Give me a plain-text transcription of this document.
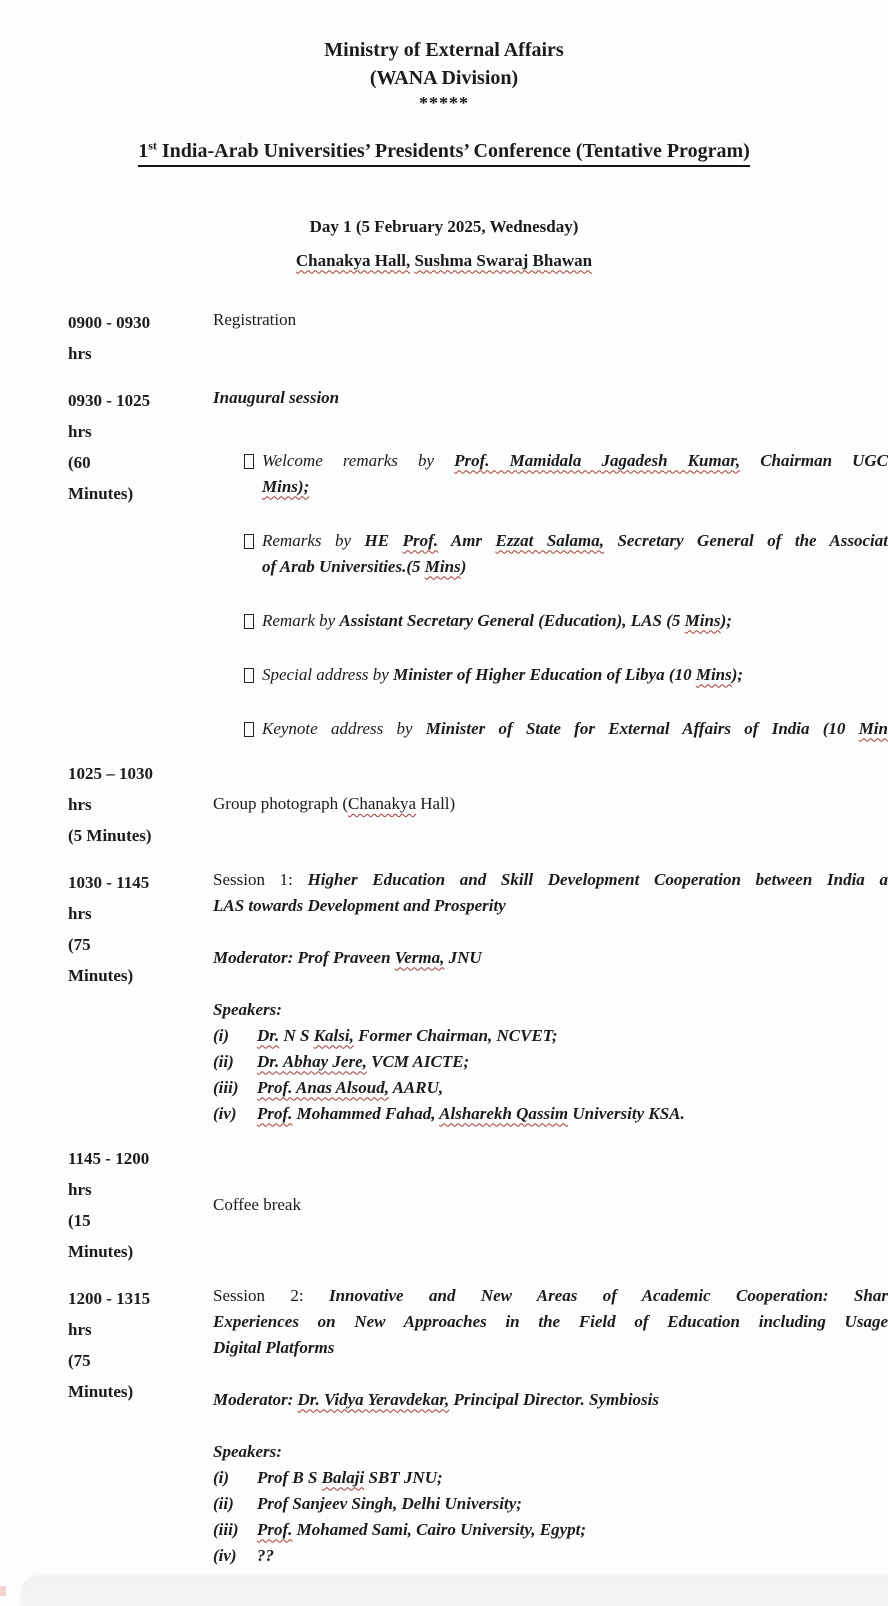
Ministry of External Affairs
(WANA Division)
*****
1st India-Arab Universities’ Presidents’ Conference (Tentative Program)
Day 1 (5 February 2025, Wednesday)
Chanakya Hall, Sushma Swaraj Bhawan
0900 - 0930
hrs
Registration
0930 - 1025
hrs
(60
Minutes)
Inaugural session
Welcome remarks by Prof. Mamidala Jagadesh Kumar, Chairman UGC
Mins);
Remarks by HE Prof. Amr Ezzat Salama, Secretary General of the Associat
of Arab Universities.(5 Mins)
Remark by Assistant Secretary General (Education), LAS (5 Mins);
Special address by Minister of Higher Education of Libya (10 Mins);
Keynote address by Minister of State for External Affairs of India (10 Min
1025 – 1030
hrs
(5 Minutes)
Group photograph (Chanakya Hall)
1030 - 1145
hrs
(75
Minutes)
Session 1: Higher Education and Skill Development Cooperation between India a
LAS towards Development and Prosperity
Moderator: Prof Praveen Verma, JNU
Speakers:
(i) Dr. N S Kalsi, Former Chairman, NCVET;
(ii) Dr. Abhay Jere, VCM AICTE;
(iii) Prof. Anas Alsoud, AARU,
(iv) Prof. Mohammed Fahad, Alsharekh Qassim University KSA.
1145 - 1200
hrs
(15
Minutes)
Coffee break
1200 - 1315
hrs
(75
Minutes)
Session 2: Innovative and New Areas of Academic Cooperation: Shar
Experiences on New Approaches in the Field of Education including Usage
Digital Platforms
Moderator: Dr. Vidya Yeravdekar, Principal Director. Symbiosis
Speakers:
(i) Prof B S Balaji SBT JNU;
(ii) Prof Sanjeev Singh, Delhi University;
(iii) Prof. Mohamed Sami, Cairo University, Egypt;
(iv) ??
